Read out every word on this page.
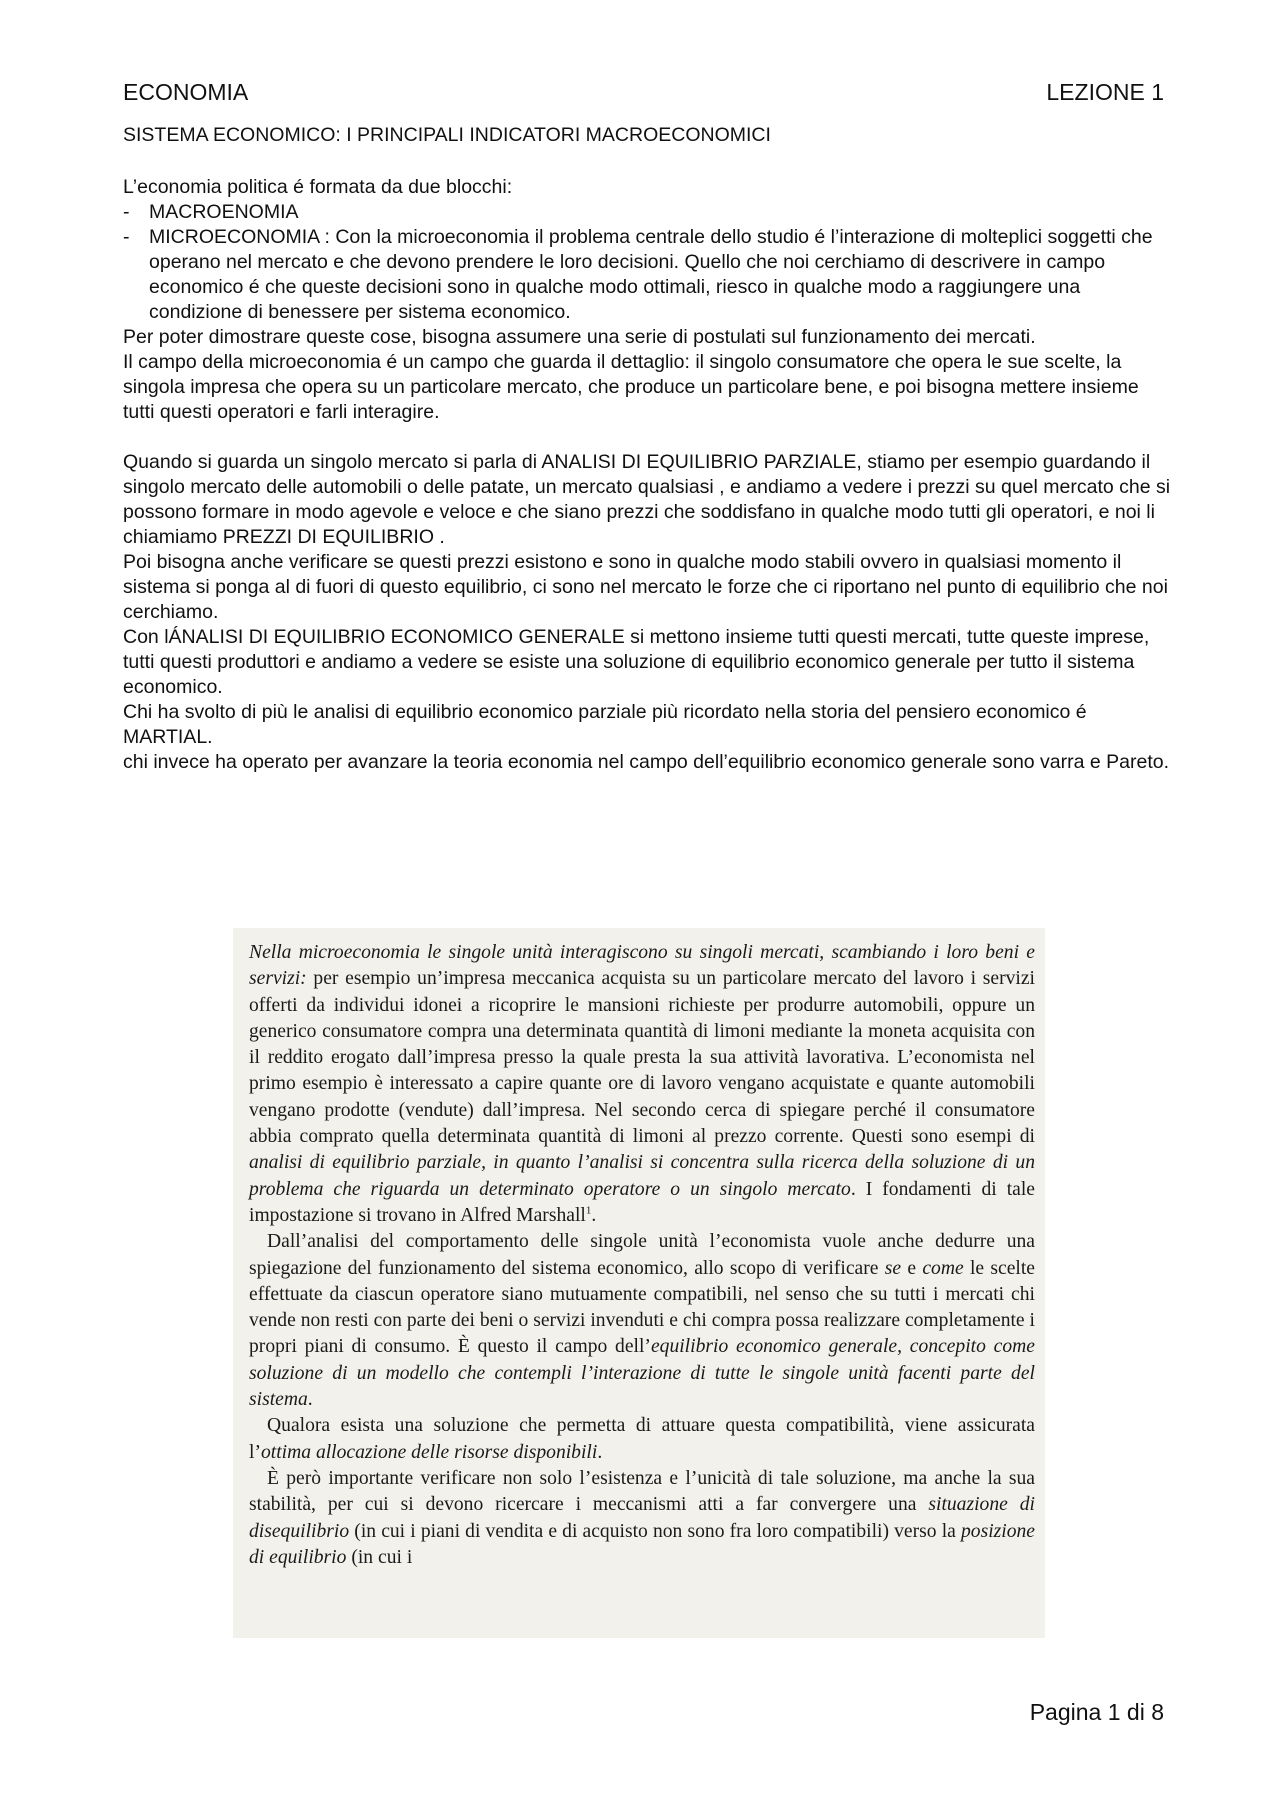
ECONOMIA	LEZIONE 1
SISTEMA ECONOMICO: I PRINCIPALI INDICATORI MACROECONOMICI

L’economia politica é formata da due blocchi:

- MACROENOMIA
- MICROECONOMIA : Con la microeconomia il problema centrale dello studio é l’interazione di molteplici soggetti che operano nel mercato e che devono prendere le loro decisioni. Quello che noi cerchiamo di descrivere in campo economico é che queste decisioni sono in qualche modo ottimali, riesco in qualche modo a raggiungere una condizione di benessere per sistema economico.

Per poter dimostrare queste cose, bisogna assumere una serie di postulati sul funzionamento dei mercati.

Il campo della microeconomia é un campo che guarda il dettaglio: il singolo consumatore che opera le sue scelte, la singola impresa che opera su un particolare mercato, che produce un particolare bene, e poi bisogna mettere insieme tutti questi operatori e farli interagire.

Quando si guarda un singolo mercato si parla di ANALISI DI EQUILIBRIO PARZIALE, stiamo per esempio guardando il singolo mercato delle automobili o delle patate, un mercato qualsiasi , e andiamo a vedere i prezzi su quel mercato che si possono formare in modo agevole e veloce e che siano prezzi che soddisfano in qualche modo tutti gli operatori, e noi li chiamiamo PREZZI DI EQUILIBRIO .

Poi bisogna anche verificare se questi prezzi esistono e sono in qualche modo stabili ovvero in qualsiasi momento il sistema si ponga al di fuori di questo equilibrio, ci sono nel mercato le forze che ci riportano nel punto di equilibrio che noi cerchiamo.

Con lÁNALISI DI EQUILIBRIO ECONOMICO GENERALE si mettono insieme tutti questi mercati, tutte queste imprese, tutti questi produttori e andiamo a vedere se esiste una soluzione di equilibrio economico generale per tutto il sistema economico.

Chi ha svolto di più le analisi di equilibrio economico parziale più ricordato nella storia del pensiero economico é MARTIAL.

chi invece ha operato per avanzare la teoria economia nel campo dell’equilibrio economico generale sono varra e Pareto.

Nella microeconomia le singole unità interagiscono su singoli mercati, scambiando i loro beni e servizi: per esempio un’impresa meccanica acquista su un particolare mercato del lavoro i servizi offerti da individui idonei a ricoprire le mansioni richieste per produrre automobili, oppure un generico consumatore compra una determinata quantità di limoni mediante la moneta acquisita con il reddito erogato dall’impresa presso la quale presta la sua attività lavorativa. L’economista nel primo esempio è interessato a capire quante ore di lavoro vengano acquistate e quante automobili vengano prodotte (vendute) dall’impresa. Nel secondo cerca di spiegare perché il consumatore abbia comprato quella determinata quantità di limoni al prezzo corrente. Questi sono esempi di analisi di equilibrio parziale, in quanto l’analisi si concentra sulla ricerca della soluzione di un problema che riguarda un determinato operatore o un singolo mercato. I fondamenti di tale impostazione si trovano in Alfred Marshall$^1$.

Dall’analisi del comportamento delle singole unità l’economista vuole anche dedurre una spiegazione del funzionamento del sistema economico, allo scopo di verificare se e come le scelte effettuate da ciascun operatore siano mutuamente compatibili, nel senso che su tutti i mercati chi vende non resti con parte dei beni o servizi invenduti e chi compra possa realizzare completamente i propri piani di consumo. È questo il campo dell’equilibrio economico generale, concepito come soluzione di un modello che contempli l’interazione di tutte le singole unità facenti parte del sistema.

Qualora esista una soluzione che permetta di attuare questa compatibilità, viene assicurata l’ottima allocazione delle risorse disponibili.

È però importante verificare non solo l’esistenza e l’unicità di tale soluzione, ma anche la sua stabilità, per cui si devono ricercare i meccanismi atti a far convergere una situazione di disequilibrio (in cui i piani di vendita e di acquisto non sono fra loro compatibili) verso la posizione di equilibrio (in cui i

Pagina 1 di 8
